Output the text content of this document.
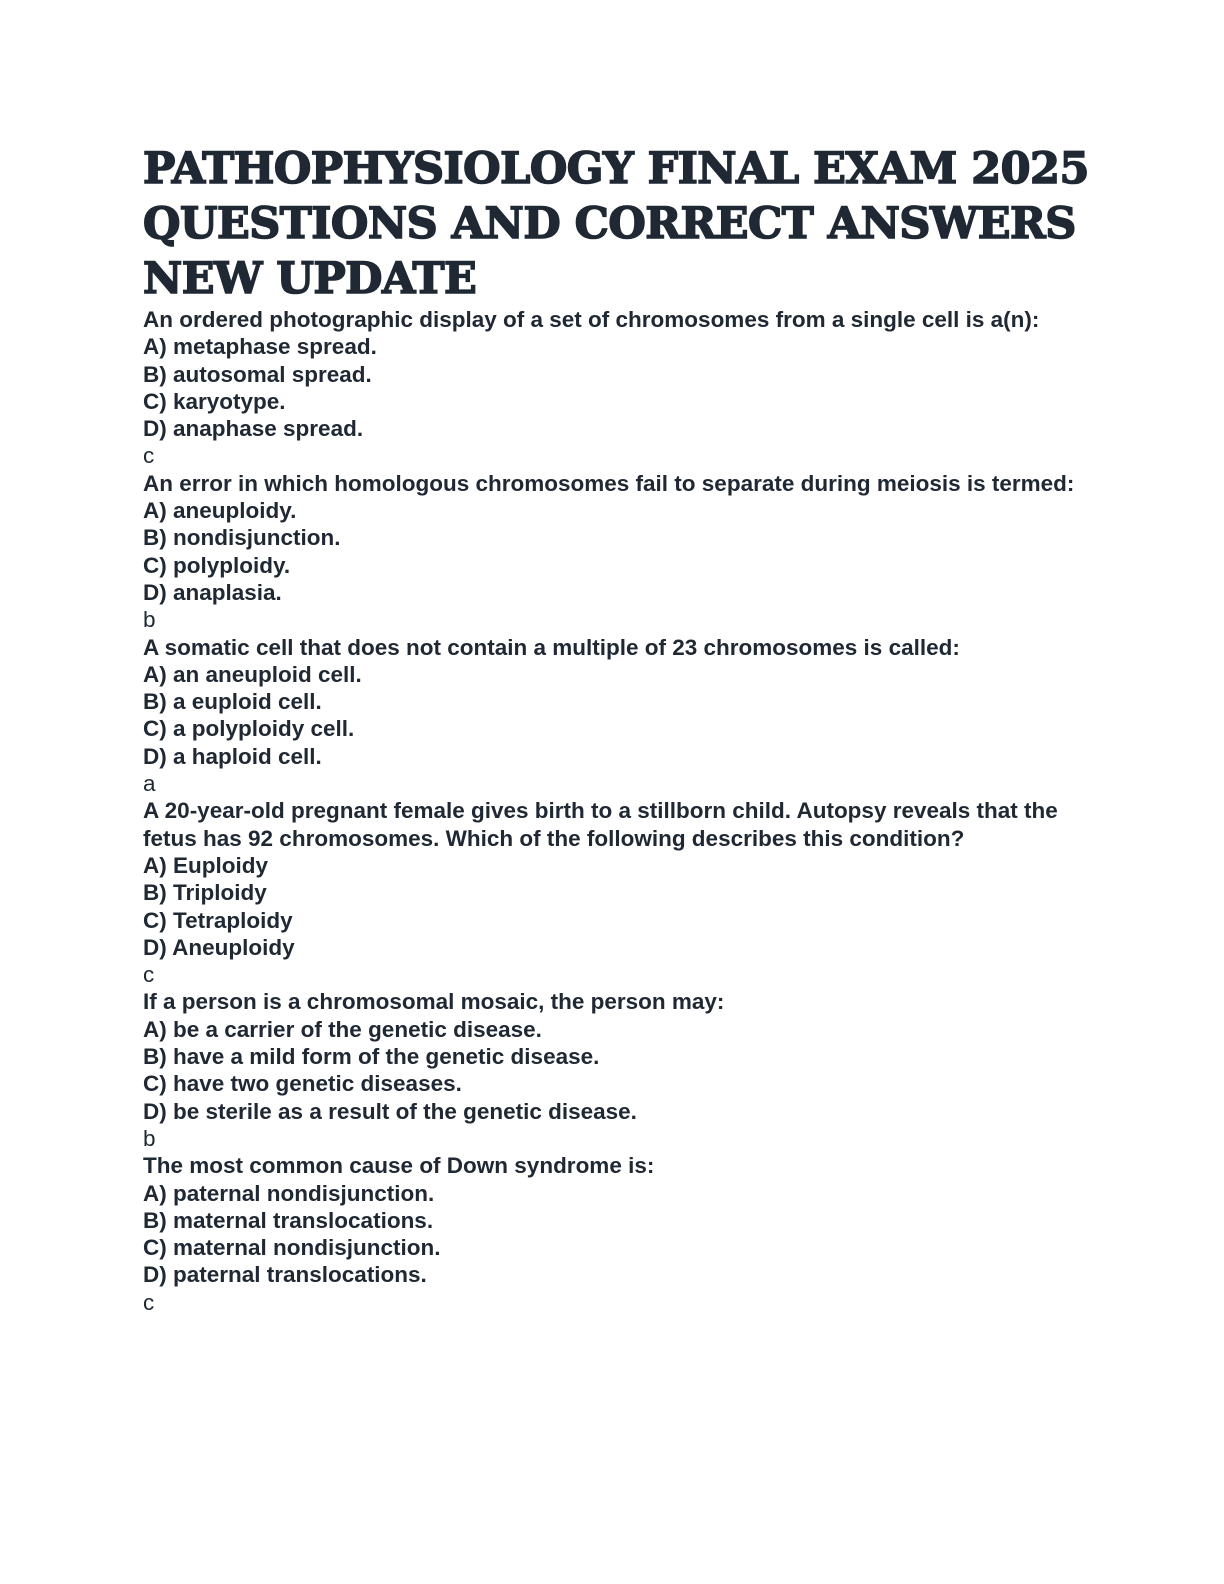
PATHOPHYSIOLOGY FINAL EXAM 2025 QUESTIONS AND CORRECT ANSWERS NEW UPDATE

An ordered photographic display of a set of chromosomes from a single cell is a(n):

A) metaphase spread.

B) autosomal spread.

C) karyotype.

D) anaphase spread.

c

An error in which homologous chromosomes fail to separate during meiosis is termed:

A) aneuploidy.

B) nondisjunction.

C) polyploidy.

D) anaplasia.

b

A somatic cell that does not contain a multiple of 23 chromosomes is called:

A) an aneuploid cell.

B) a euploid cell.

C) a polyploidy cell.

D) a haploid cell.

a

A 20-year-old pregnant female gives birth to a stillborn child. Autopsy reveals that the fetus has 92 chromosomes. Which of the following describes this condition?

A) Euploidy

B) Triploidy

C) Tetraploidy

D) Aneuploidy

c

If a person is a chromosomal mosaic, the person may:

A) be a carrier of the genetic disease.

B) have a mild form of the genetic disease.

C) have two genetic diseases.

D) be sterile as a result of the genetic disease.

b

The most common cause of Down syndrome is:

A) paternal nondisjunction.

B) maternal translocations.

C) maternal nondisjunction.

D) paternal translocations.

c
